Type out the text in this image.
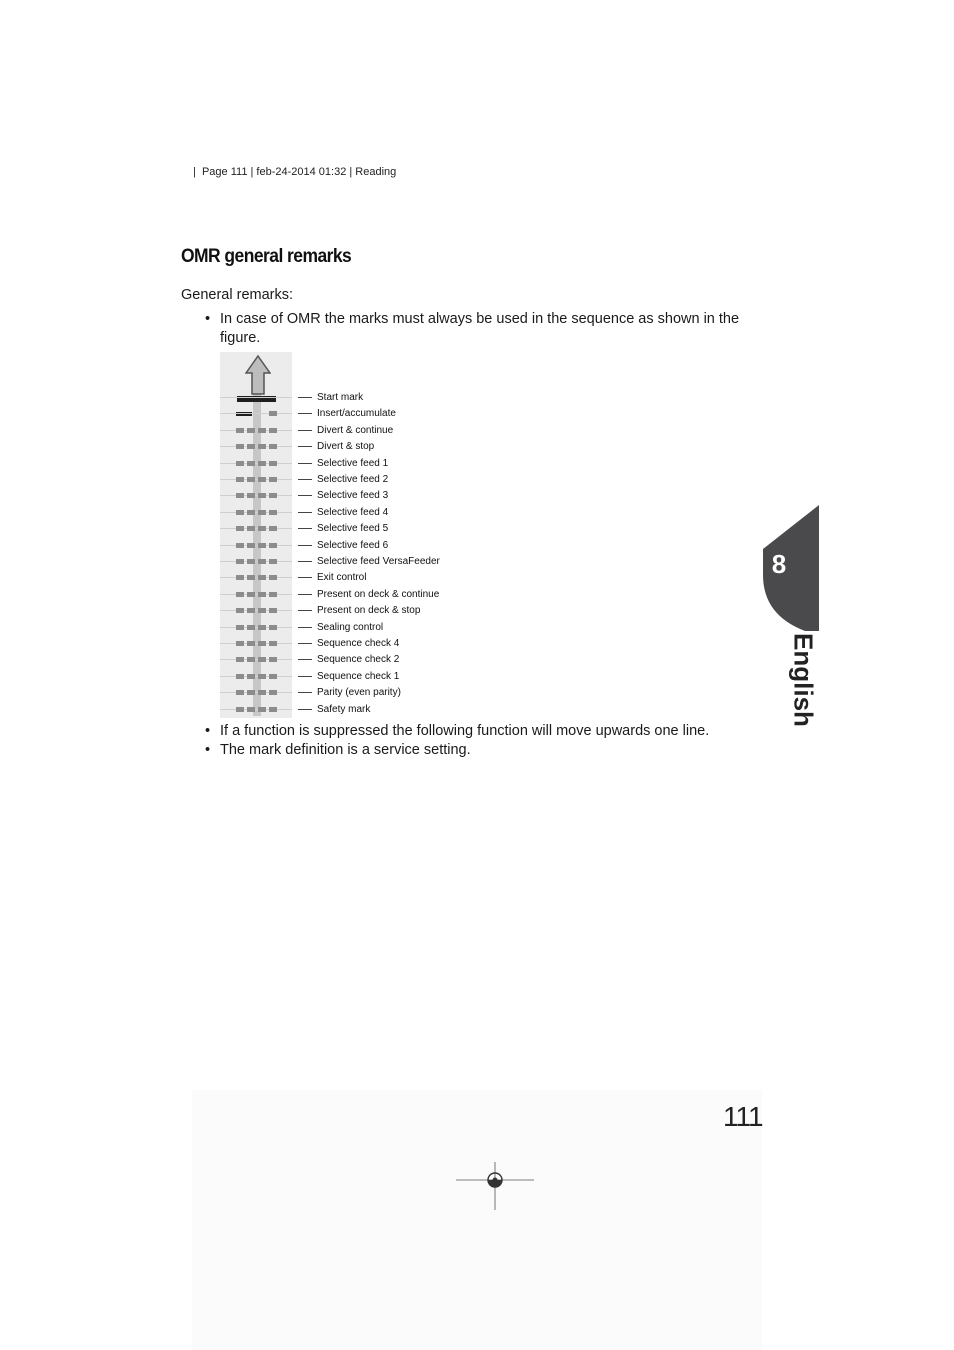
|  Page 111 | feb-24-2014 01:32 | Reading
OMR general remarks
General remarks:
• In case of OMR the marks must always be used in the sequence as shown in the figure.
Start mark
Insert/accumulate
Divert & continue
Divert & stop
Selective feed 1
Selective feed 2
Selective feed 3
Selective feed 4
Selective feed 5
Selective feed 6
Selective feed VersaFeeder
Exit control
Present on deck & continue
Present on deck & stop
Sealing control
Sequence check 4
Sequence check 2
Sequence check 1
Parity (even parity)
Safety mark
• If a function is suppressed the following function will move upwards one line.
• The mark definition is a service setting.
8
English
111
